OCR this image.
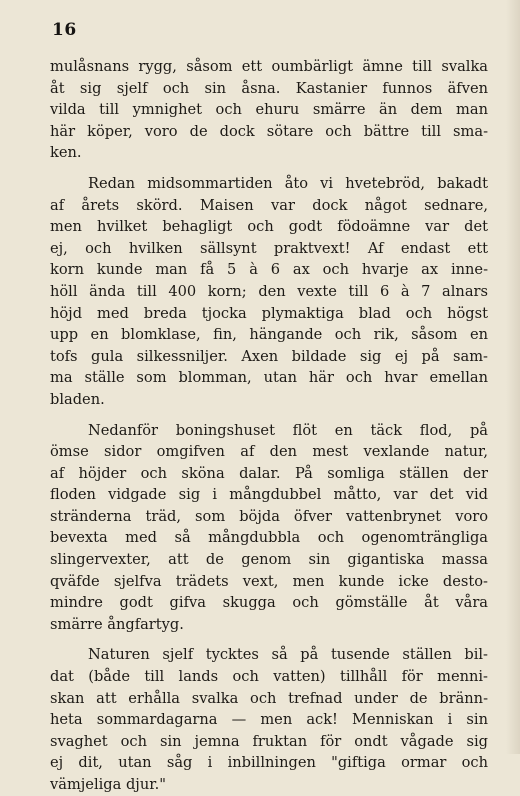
16
mulåsnans rygg, såsom ett oumbärligt ämne till svalka
åt sig sjelf och sin åsna. Kastanier funnos äfven
vilda till ymnighet och ehuru smärre än dem man
här köper, voro de dock sötare och bättre till sma-
ken.
Redan midsommartiden åto vi hvetebröd, bakadt
af årets skörd. Maisen var dock något sednare,
men hvilket behagligt och godt födoämne var det
ej, och hvilken sällsynt praktvext! Af endast ett
korn kunde man få 5 à 6 ax och hvarje ax inne-
höll ända till 400 korn; den vexte till 6 à 7 alnars
höjd med breda tjocka plymaktiga blad och högst
upp en blomklase, fin, hängande och rik, såsom en
tofs gula silkessniljer. Axen bildade sig ej på sam-
ma ställe som blomman, utan här och hvar emellan
bladen.
Nedanför boningshuset flöt en täck flod, på
ömse sidor omgifven af den mest vexlande natur,
af höjder och sköna dalar. På somliga ställen der
floden vidgade sig i mångdubbel måtto, var det vid
stränderna träd, som böjda öfver vattenbrynet voro
bevexta med så mångdubbla och ogenomträngliga
slingervexter, att de genom sin gigantiska massa
qväfde sjelfva trädets vext, men kunde icke desto-
mindre godt gifva skugga och gömställe åt våra
smärre ångfartyg.
Naturen sjelf tycktes så på tusende ställen bil-
dat (både till lands och vatten) tillhåll för menni-
skan att erhålla svalka och trefnad under de bränn-
heta sommardagarna — men ack! Menniskan i sin
svaghet och sin jemna fruktan för ondt vågade sig
ej dit, utan såg i inbillningen "giftiga ormar och
vämjeliga djur."
